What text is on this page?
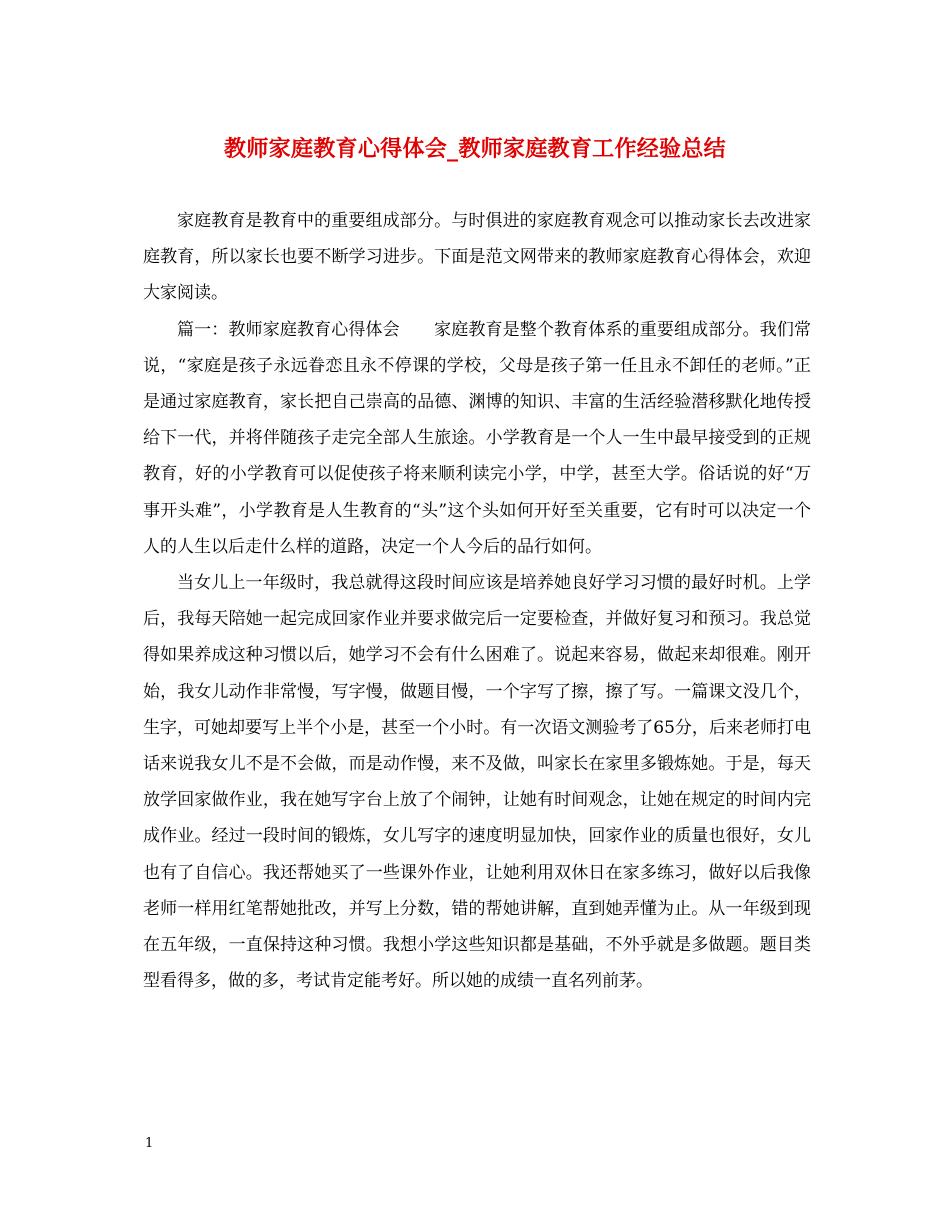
教师家庭教育心得体会_教师家庭教育工作经验总结

家庭教育是教育中的重要组成部分。与时俱进的家庭教育观念可以推动家长去改进家庭教育，所以家长也要不断学习进步。下面是范文网带来的教师家庭教育心得体会，欢迎大家阅读。

篇一：教师家庭教育心得体会　　家庭教育是整个教育体系的重要组成部分。我们常说，“家庭是孩子永远眷恋且永不停课的学校，父母是孩子第一任且永不卸任的老师。”正是通过家庭教育，家长把自己崇高的品德、渊博的知识、丰富的生活经验潜移默化地传授给下一代，并将伴随孩子走完全部人生旅途。小学教育是一个人一生中最早接受到的正规教育，好的小学教育可以促使孩子将来顺利读完小学，中学，甚至大学。俗话说的好“万事开头难”，小学教育是人生教育的“头”这个头如何开好至关重要，它有时可以决定一个人的人生以后走什么样的道路，决定一个人今后的品行如何。

当女儿上一年级时，我总就得这段时间应该是培养她良好学习习惯的最好时机。上学后，我每天陪她一起完成回家作业并要求做完后一定要检查，并做好复习和预习。我总觉得如果养成这种习惯以后，她学习不会有什么困难了。说起来容易，做起来却很难。刚开始，我女儿动作非常慢，写字慢，做题目慢，一个字写了擦，擦了写。一篇课文没几个，生字，可她却要写上半个小是，甚至一个小时。有一次语文测验考了65分，后来老师打电话来说我女儿不是不会做，而是动作慢，来不及做，叫家长在家里多锻炼她。于是，每天放学回家做作业，我在她写字台上放了个闹钟，让她有时间观念，让她在规定的时间内完成作业。经过一段时间的锻炼，女儿写字的速度明显加快，回家作业的质量也很好，女儿也有了自信心。我还帮她买了一些课外作业，让她利用双休日在家多练习，做好以后我像老师一样用红笔帮她批改，并写上分数，错的帮她讲解，直到她弄懂为止。从一年级到现在五年级，一直保持这种习惯。我想小学这些知识都是基础，不外乎就是多做题。题目类型看得多，做的多，考试肯定能考好。所以她的成绩一直名列前茅。

1
